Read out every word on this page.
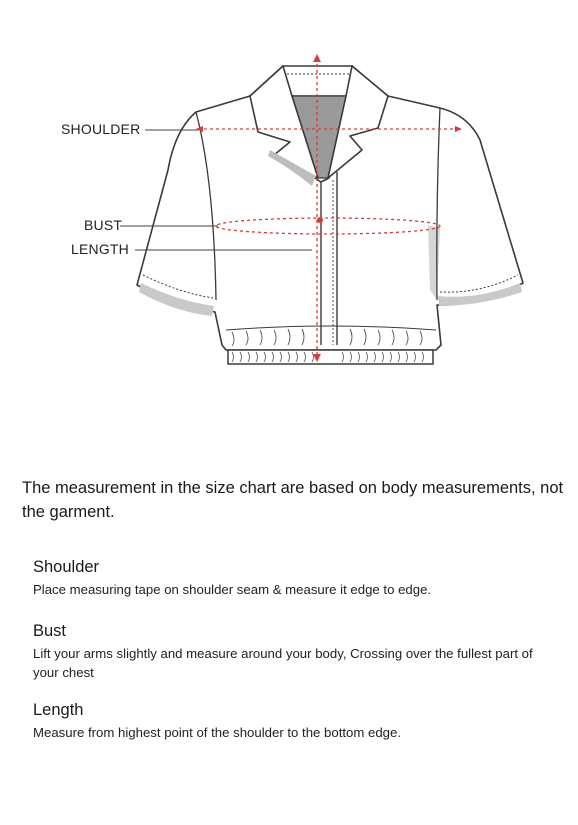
SHOULDER
BUST
LENGTH
The measurement in the size chart are based on body measurements, not the garment.
Shoulder
Place measuring tape on shoulder seam & measure it edge to edge.
Bust
Lift your arms slightly and measure around your body, Crossing over the fullest part of your chest
Length
Measure from highest point of the shoulder to the bottom edge.
